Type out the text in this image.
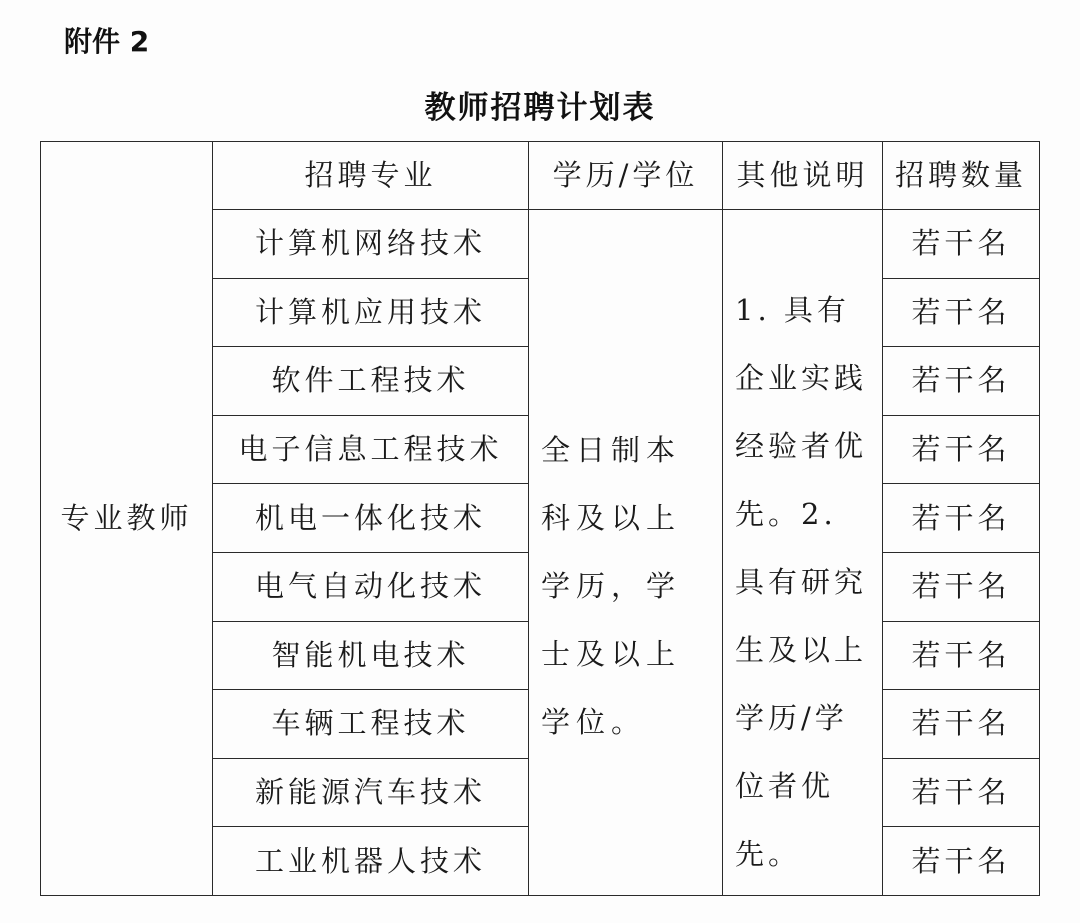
附件 2
教师招聘计划表
专业教师	招聘专业	学历/学位	其他说明	招聘数量
	计算机网络技术	全日制本科及以上学历，学士及以上学位。	1. 具有企业实践经验者优先。2. 具有研究生及以上学历/学位者优先。	若干名
	计算机应用技术			若干名
	软件工程技术			若干名
	电子信息工程技术			若干名
	机电一体化技术			若干名
	电气自动化技术			若干名
	智能机电技术			若干名
	车辆工程技术			若干名
	新能源汽车技术			若干名
	工业机器人技术			若干名
